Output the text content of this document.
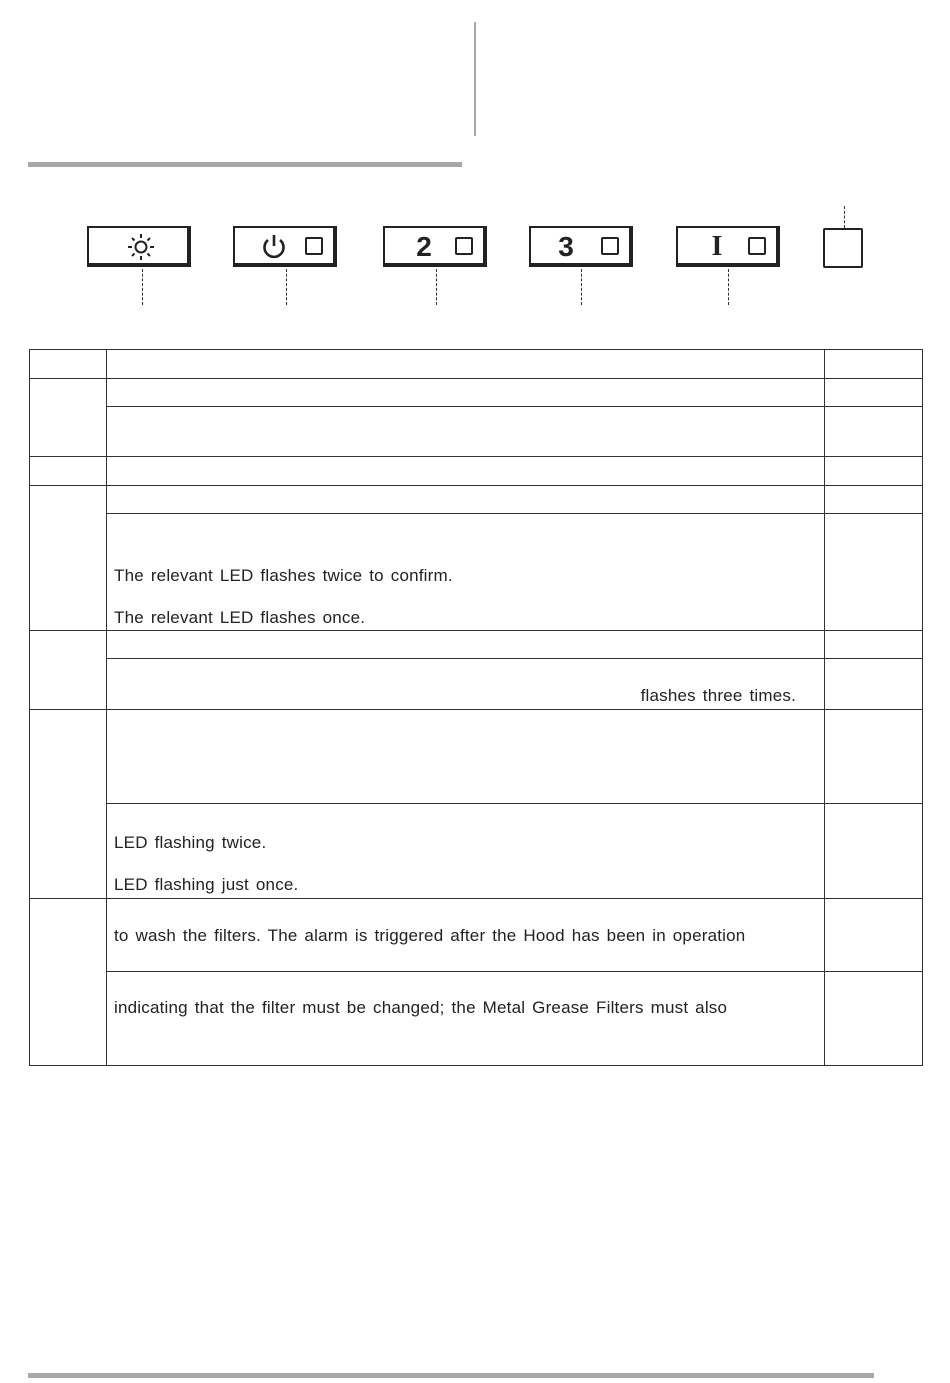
2	3	I

	The relevant LED flashes twice to confirm.
The relevant LED flashes once.	

	flashes three times.	

	LED flashing twice.
LED flashing just once.	

	to wash the filters. The alarm is triggered after the Hood has been in operation	
	indicating that the filter must be changed; the Metal Grease Filters must also	
